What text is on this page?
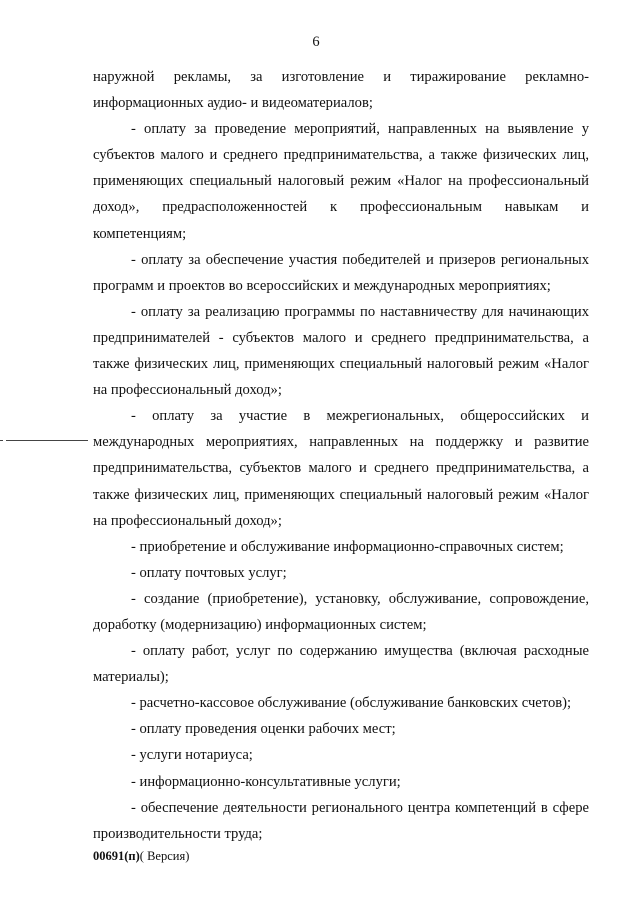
6

наружной рекламы, за изготовление и тиражирование рекламно-информационных аудио- и видеоматериалов;

- оплату за проведение мероприятий, направленных на выявление у субъектов малого и среднего предпринимательства, а также физических лиц, применяющих специальный налоговый режим «Налог на профессиональный доход», предрасположенностей к профессиональным навыкам и компетенциям;

- оплату за обеспечение участия победителей и призеров региональных программ и проектов во всероссийских и международных мероприятиях;

- оплату за реализацию программы по наставничеству для начинающих предпринимателей - субъектов малого и среднего предпринимательства, а также физических лиц, применяющих специальный налоговый режим «Налог на профессиональный доход»;

- оплату за участие в межрегиональных, общероссийских и международных мероприятиях, направленных на поддержку и развитие предпринимательства, субъектов малого и среднего предпринимательства, а также физических лиц, применяющих специальный налоговый режим «Налог на профессиональный доход»;

- приобретение и обслуживание информационно-справочных систем;

- оплату почтовых услуг;

- создание (приобретение), установку, обслуживание, сопровождение, доработку (модернизацию) информационных систем;

- оплату работ, услуг по содержанию имущества (включая расходные материалы);

- расчетно-кассовое обслуживание (обслуживание банковских счетов);

- оплату проведения оценки рабочих мест;

- услуги нотариуса;

- информационно-консультативные услуги;

- обеспечение деятельности регионального центра компетенций в сфере производительности труда;

00691(п)( Версия)
